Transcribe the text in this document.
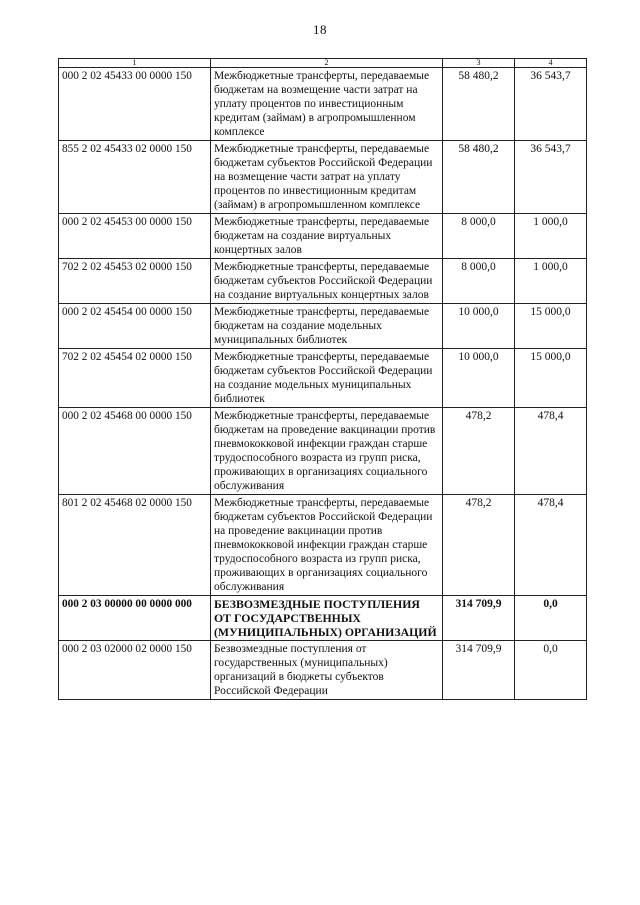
18
1	2	3	4
000 2 02 45433 00 0000 150	Межбюджетные трансферты, передаваемые бюджетам на возмещение части затрат на уплату процентов по инвестиционным кредитам (займам) в агропромышленном комплексе	58 480,2	36 543,7
855 2 02 45433 02 0000 150	Межбюджетные трансферты, передаваемые бюджетам субъектов Российской Федерации на возмещение части затрат на уплату процентов по инвестиционным кредитам (займам) в агропромышленном комплексе	58 480,2	36 543,7
000 2 02 45453 00 0000 150	Межбюджетные трансферты, передаваемые бюджетам на создание виртуальных концертных залов	8 000,0	1 000,0
702 2 02 45453 02 0000 150	Межбюджетные трансферты, передаваемые бюджетам субъектов Российской Федерации на создание виртуальных концертных залов	8 000,0	1 000,0
000 2 02 45454 00 0000 150	Межбюджетные трансферты, передаваемые бюджетам на создание модельных муниципальных библиотек	10 000,0	15 000,0
702 2 02 45454 02 0000 150	Межбюджетные трансферты, передаваемые бюджетам субъектов Российской Федерации на создание модельных муниципальных библиотек	10 000,0	15 000,0
000 2 02 45468 00 0000 150	Межбюджетные трансферты, передаваемые бюджетам на проведение вакцинации против пневмококковой инфекции граждан старше трудоспособного возраста из групп риска, проживающих в организациях социального обслуживания	478,2	478,4
801 2 02 45468 02 0000 150	Межбюджетные трансферты, передаваемые бюджетам субъектов Российской Федерации на проведение вакцинации против пневмококковой инфекции граждан старше трудоспособного возраста из групп риска, проживающих в организациях социального обслуживания	478,2	478,4
000 2 03 00000 00 0000 000	БЕЗВОЗМЕЗДНЫЕ ПОСТУПЛЕНИЯ ОТ ГОСУДАРСТВЕННЫХ (МУНИЦИПАЛЬНЫХ) ОРГАНИЗАЦИЙ	314 709,9	0,0
000 2 03 02000 02 0000 150	Безвозмездные поступления от государственных (муниципальных) организаций в бюджеты субъектов Российской Федерации	314 709,9	0,0
